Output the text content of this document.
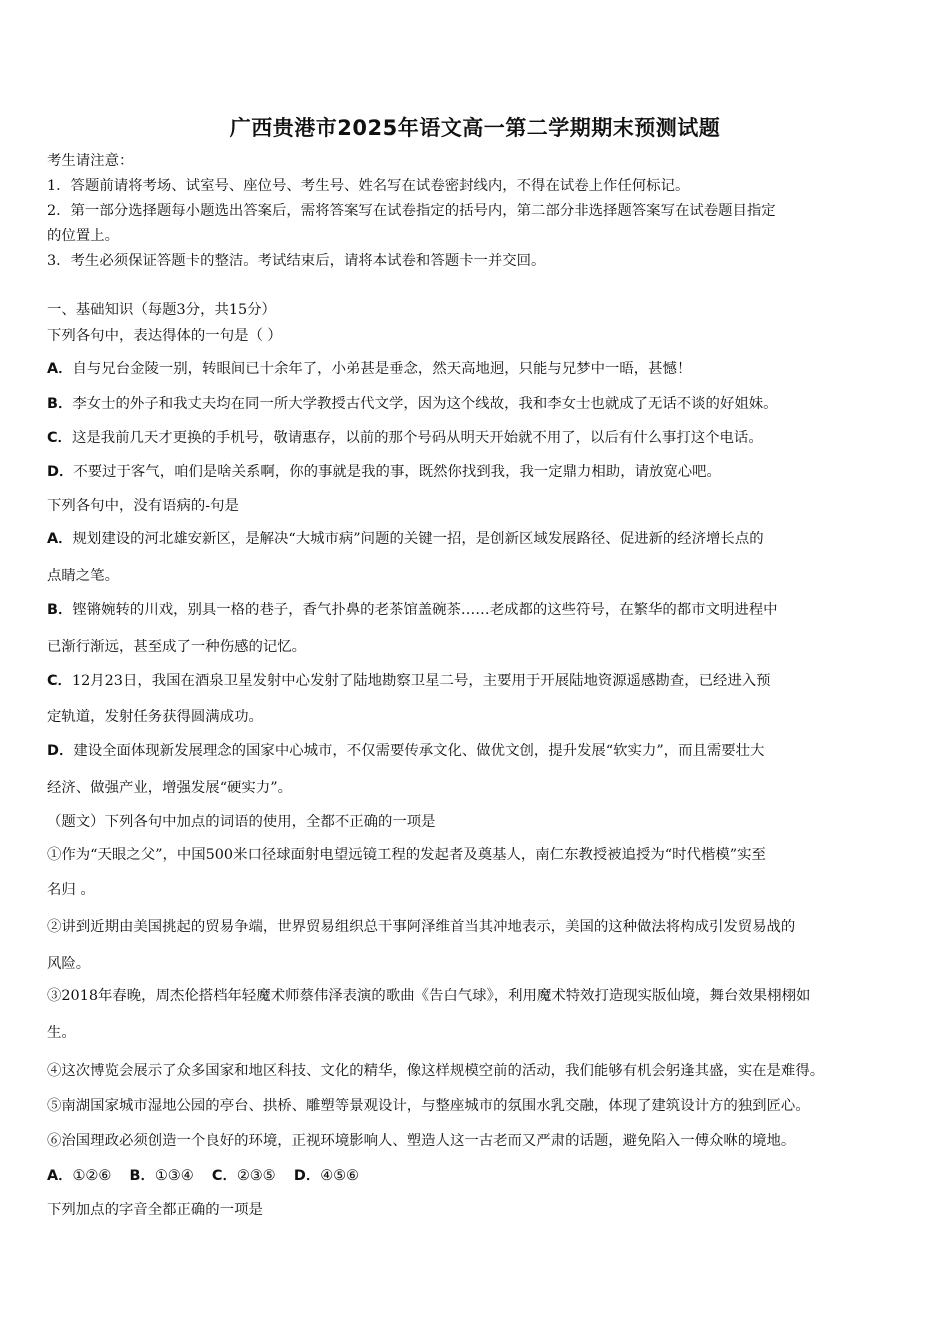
广西贵港市2025年语文高一第二学期期末预测试题
考生请注意：
1．答题前请将考场、试室号、座位号、考生号、姓名写在试卷密封线内，不得在试卷上作任何标记。
2．第一部分选择题每小题选出答案后，需将答案写在试卷指定的括号内，第二部分非选择题答案写在试卷题目指定
的位置上。
3．考生必须保证答题卡的整洁。考试结束后，请将本试卷和答题卡一并交回。
一、基础知识（每题3分，共15分）
下列各句中，表达得体的一句是（ ）
A．自与兄台金陵一别，转眼间已十余年了，小弟甚是垂念，然天高地迥，只能与兄梦中一晤，甚憾！
B．李女士的外子和我丈夫均在同一所大学教授古代文学，因为这个线故，我和李女士也就成了无话不谈的好姐妹。
C．这是我前几天才更换的手机号，敬请惠存，以前的那个号码从明天开始就不用了，以后有什么事打这个电话。
D．不要过于客气，咱们是啥关系啊，你的事就是我的事，既然你找到我，我一定鼎力相助，请放宽心吧。
下列各句中，没有语病的-句是
A．规划建设的河北雄安新区，是解决“大城市病”问题的关键一招，是创新区域发展路径、促进新的经济增长点的
点睛之笔。
B．铿锵婉转的川戏，别具一格的巷子，香气扑鼻的老茶馆盖碗茶……老成都的这些符号，在繁华的都市文明进程中
已渐行渐远，甚至成了一种伤感的记忆。
C．12月23日，我国在酒泉卫星发射中心发射了陆地勘察卫星二号，主要用于开展陆地资源遥感勘查，已经进入预
定轨道，发射任务获得圆满成功。
D．建设全面体现新发展理念的国家中心城市，不仅需要传承文化、做优文创，提升发展“软实力”，而且需要壮大
经济、做强产业，增强发展“硬实力”。
（题文）下列各句中加点的词语的使用，全都不正确的一项是
①作为“天眼之父”，中国500米口径球面射电望远镜工程的发起者及奠基人，南仁东教授被追授为“时代楷模”实至
名归 。
②讲到近期由美国挑起的贸易争端，世界贸易组织总干事阿泽维首当其冲地表示，美国的这种做法将构成引发贸易战的
风险。
③2018年春晚，周杰伦搭档年轻魔术师蔡伟泽表演的歌曲《告白气球》，利用魔术特效打造现实版仙境，舞台效果栩栩如
生。
④这次博览会展示了众多国家和地区科技、文化的精华，像这样规模空前的活动，我们能够有机会躬逢其盛，实在是难得。
⑤南湖国家城市湿地公园的亭台、拱桥、雕塑等景观设计，与整座城市的氛围水乳交融，体现了建筑设计方的独到匠心。
⑥治国理政必须创造一个良好的环境，正视环境影响人、塑造人这一古老而又严肃的话题，避免陷入一傅众咻的境地。
A．①②⑥ B．①③④ C．②③⑤ D．④⑤⑥
下列加点的字音全都正确的一项是
